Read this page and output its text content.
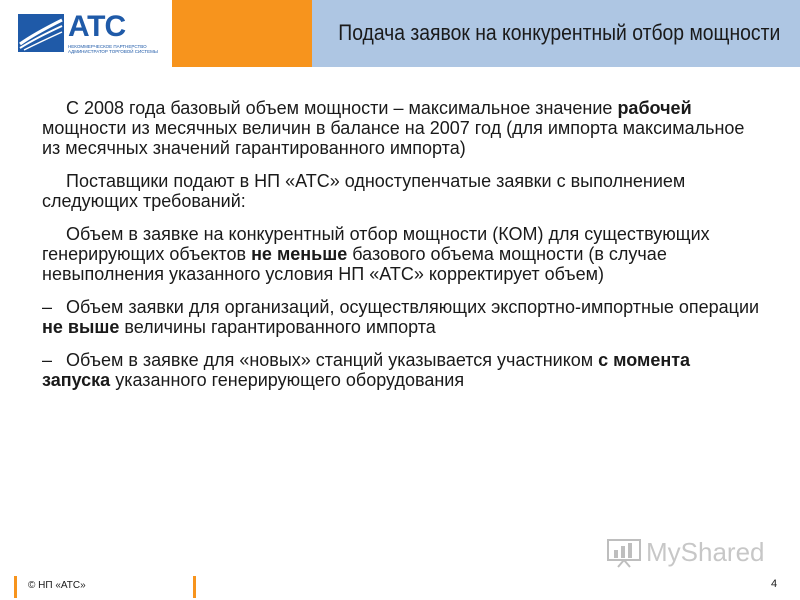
АТС
НЕКОММЕРЧЕСКОЕ ПАРТНЕРСТВО АДМИНИСТРАТОР ТОРГОВОЙ СИСТЕМЫ
Подача заявок на конкурентный отбор мощности

С 2008 года базовый объем мощности – максимальное значение рабочей мощности из месячных величин в балансе на 2007 год (для импорта максимальное из месячных значений гарантированного импорта)

Поставщики подают в НП «АТС» одноступенчатые заявки с выполнением следующих требований:

Объем в заявке на конкурентный отбор мощности (КОМ) для существующих генерирующих объектов не меньше базового объема мощности (в случае невыполнения указанного условия НП «АТС» корректирует объем)

– Объем заявки для организаций, осуществляющих экспортно-импортные операции не выше величины гарантированного импорта

– Объем в заявке для «новых» станций указывается участником с момента запуска указанного генерирующего оборудования

MyShared
© НП «АТС»	4
